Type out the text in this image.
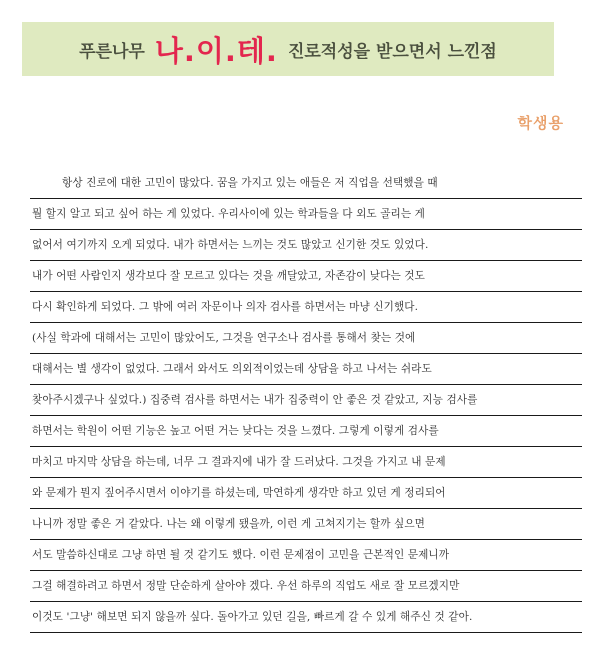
푸른나무 나.이.테. 진로적성을 받으면서 느낀점
학생용
항상 진로에 대한 고민이 많았다. 꿈을 가지고 있는 애들은 저 직업을 선택했을 때
뭘 할지 알고 되고 싶어 하는 게 있었다. 우리사이에 있는 학과들을 다 외도 골리는 게
없어서 여기까지 오게 되었다. 내가 하면서는 느끼는 것도 많았고 신기한 것도 있었다.
내가 어떤 사람인지 생각보다 잘 모르고 있다는 것을 깨달았고, 자존감이 낮다는 것도
다시 확인하게 되었다. 그 밖에 여러 자문이나 의자 검사를 하면서는 마냥 신기했다.
(사실 학과에 대해서는 고민이 많았어도, 그것을 연구소나 검사를 통해서 찾는 것에
대해서는 별 생각이 없었다. 그래서 와서도 의외적이었는데 상담을 하고 나서는 쉬라도
찾아주시겠구나 싶었다.) 집중력 검사를 하면서는 내가 집중력이 안 좋은 것 같았고, 지능 검사를
하면서는 학원이 어떤 기능은 높고 어떤 거는 낮다는 것을 느꼈다. 그렇게 이렇게 검사를
마치고 마지막 상담을 하는데, 너무 그 결과지에 내가 잘 드러났다. 그것을 가지고 내 문제
와 문제가 뭔지 짚어주시면서 이야기를 하셨는데, 막연하게 생각만 하고 있던 게 정리되어
나니까 정말 좋은 거 같았다. 나는 왜 이렇게 됐을까, 이런 게 고쳐지기는 할까 싶으면
서도 말씀하신대로 그냥 하면 될 것 같기도 했다. 이런 문제점이 고민을 근본적인 문제니까
그걸 해결하려고 하면서 정말 단순하게 살아야 겠다. 우선 하루의 직업도 새로 잘 모르겠지만
이것도 '그냥' 해보면 되지 않을까 싶다. 돌아가고 있던 길을, 빠르게 갈 수 있게 해주신 것 같아.
